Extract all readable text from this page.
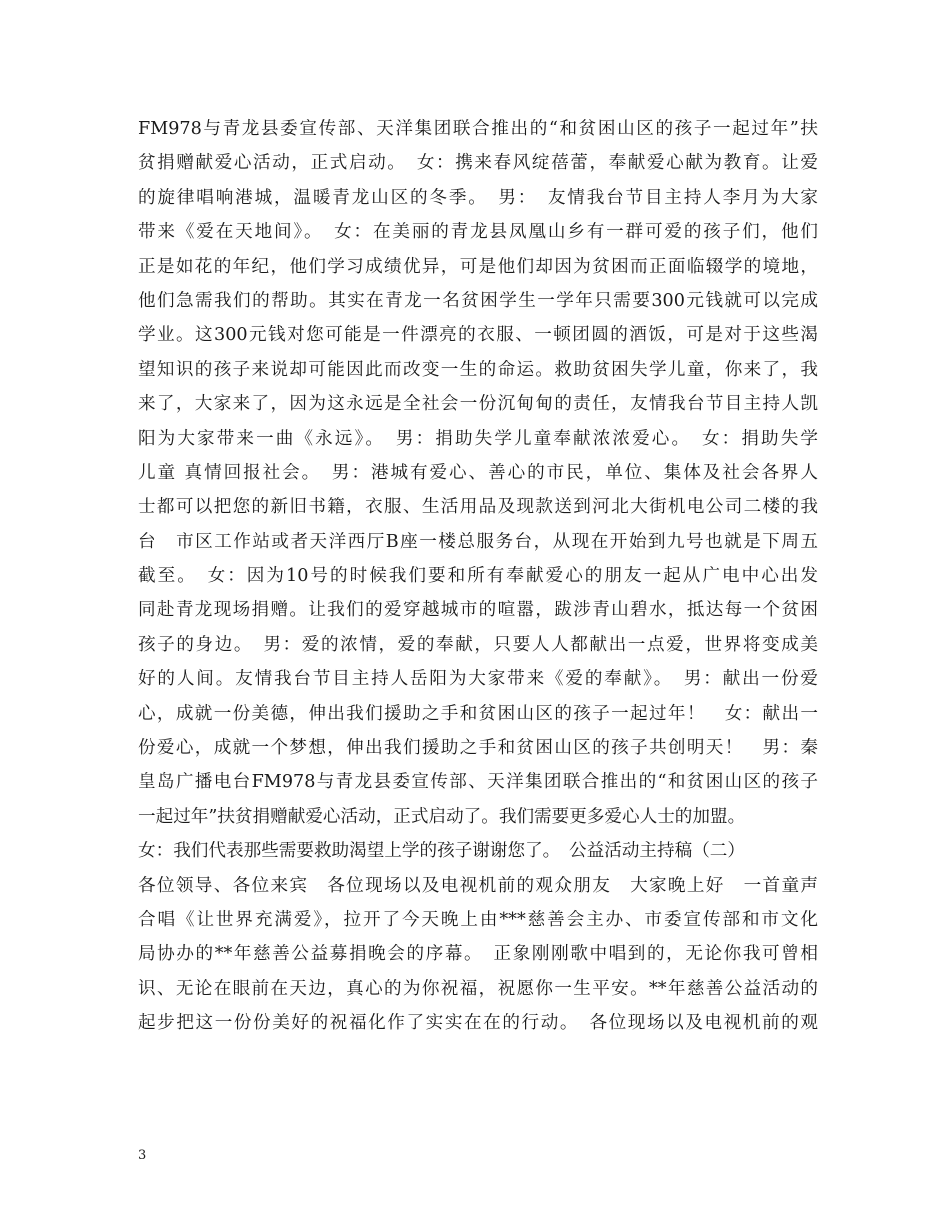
FM978与青龙县委宣传部、天洋集团联合推出的“和贫困山区的孩子一起过年”扶
贫捐赠献爱心活动，正式启动。　女：携来春风绽蓓蕾，奉献爱心献为教育。让爱
的旋律唱响港城，温暖青龙山区的冬季。　男：　友情我台节目主持人李月为大家
带来《爱在天地间》。　女：在美丽的青龙县凤凰山乡有一群可爱的孩子们，他们
正是如花的年纪，他们学习成绩优异，可是他们却因为贫困而正面临辍学的境地，
他们急需我们的帮助。其实在青龙一名贫困学生一学年只需要300元钱就可以完成
学业。这300元钱对您可能是一件漂亮的衣服、一顿团圆的酒饭，可是对于这些渴
望知识的孩子来说却可能因此而改变一生的命运。救助贫困失学儿童，你来了，我
来了，大家来了，因为这永远是全社会一份沉甸甸的责任，友情我台节目主持人凯
阳为大家带来一曲《永远》。　男：捐助失学儿童奉献浓浓爱心。　女：捐助失学
儿童 真情回报社会。　男：港城有爱心、善心的市民，单位、集体及社会各界人
士都可以把您的新旧书籍，衣服、生活用品及现款送到河北大街机电公司二楼的我
台　市区工作站或者天洋西厅B座一楼总服务台，从现在开始到九号也就是下周五
截至。　女：因为10号的时候我们要和所有奉献爱心的朋友一起从广电中心出发
同赴青龙现场捐赠。让我们的爱穿越城市的喧嚣，跋涉青山碧水，抵达每一个贫困
孩子的身边。　男：爱的浓情，爱的奉献，只要人人都献出一点爱，世界将变成美
好的人间。友情我台节目主持人岳阳为大家带来《爱的奉献》。　男：献出一份爱
心，成就一份美德，伸出我们援助之手和贫困山区的孩子一起过年！　女：献出一
份爱心，成就一个梦想，伸出我们援助之手和贫困山区的孩子共创明天！　男：秦
皇岛广播电台FM978与青龙县委宣传部、天洋集团联合推出的“和贫困山区的孩子
一起过年”扶贫捐赠献爱心活动，正式启动了。我们需要更多爱心人士的加盟。
女：我们代表那些需要救助渴望上学的孩子谢谢您了。　公益活动主持稿（二）
各位领导、各位来宾　各位现场以及电视机前的观众朋友　大家晚上好　一首童声
合唱《让世界充满爱》，拉开了今天晚上由***慈善会主办、市委宣传部和市文化
局协办的**年慈善公益募捐晚会的序幕。　正象刚刚歌中唱到的，无论你我可曾相
识、无论在眼前在天边，真心的为你祝福，祝愿你一生平安。**年慈善公益活动的
起步把这一份份美好的祝福化作了实实在在的行动。　各位现场以及电视机前的观
3
